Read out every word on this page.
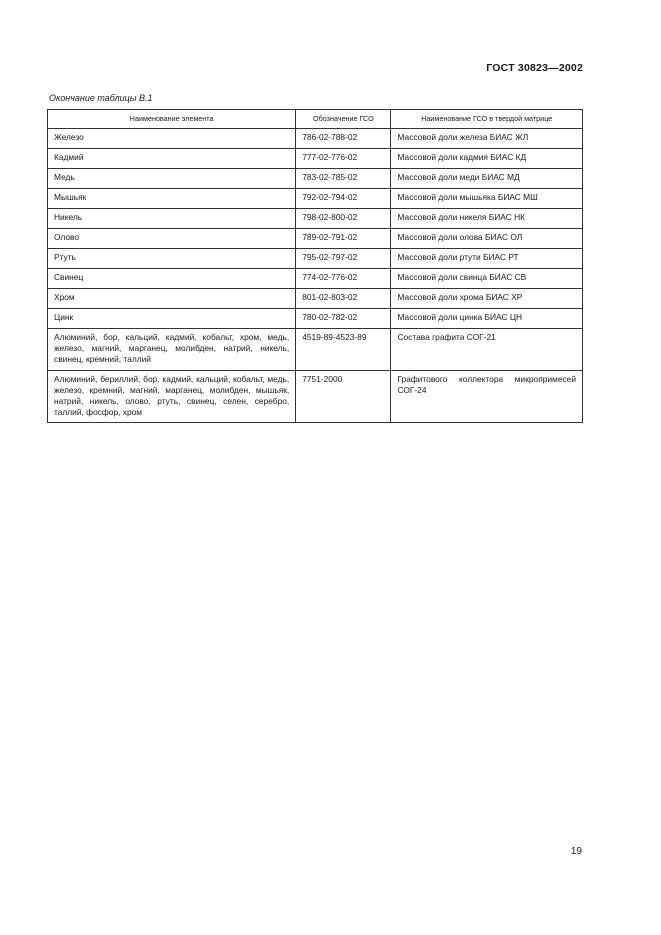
ГОСТ 30823—2002
Окончание таблицы В.1
Наименование элемента	Обозначение ГСО	Наименование ГСО в твердой матрице
Железо	786-02-788-02	Массовой доли железа БИАС ЖЛ
Кадмий	777-02-776-02	Массовой доли кадмия БИАС КД
Медь	783-02-785-02	Массовой доли меди БИАС МД
Мышьяк	792-02-794-02	Массовой доли мышьяка БИАС МШ
Никель	798-02-800-02	Массовой доли никеля БИАС НК
Олово	789-02-791-02	Массовой доли олова БИАС ОЛ
Ртуть	795-02-797-02	Массовой доли ртути БИАС РТ
Свинец	774-02-776-02	Массовой доли свинца БИАС СВ
Хром	801-02-803-02	Массовой доли хрома БИАС ХР
Цинк	780-02-782-02	Массовой доли цинка БИАС ЦН
Алюминий, бор, кальций, кадмий, кобальт, хром, медь, железо, магний, марганец, молибден, натрий, никель, свинец, кремний, таллий	4519-89-4523-89	Состава графита СОГ-21
Алюминий, бериллий, бор, кадмий, кальций, кобальт, медь, железо, кремний, магний, марганец, молибден, мышьяк, натрий, никель, олово, ртуть, свинец, селен, серебро, таллий, фосфор, хром	7751-2000	Графитового коллектора микропримесей СОГ-24
19
